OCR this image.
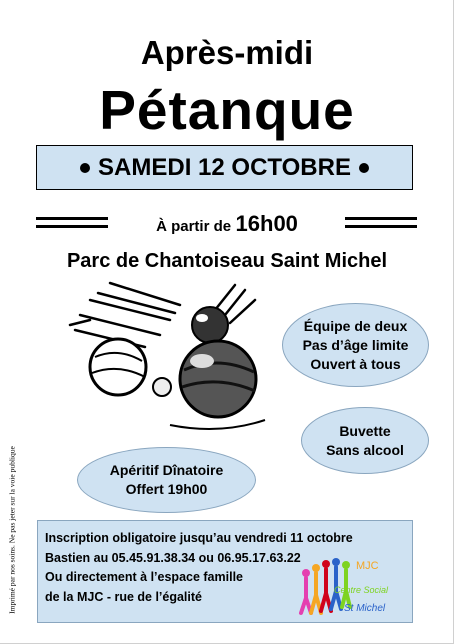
Après-midi
Pétanque
SAMEDI 12 OCTOBRE
À partir de 16h00
Parc de Chantoiseau Saint Michel
Équipe de deux
Pas d’âge limite
Ouvert à tous
Buvette
Sans alcool
Apéritif Dînatoire
Offert 19h00
Inscription obligatoire jusqu’au vendredi 11 octobre
Bastien au 05.45.91.38.34 ou 06.95.17.63.22
Ou directement à l’espace famille
de la MJC - rue de l’égalité
MJC
Centre Social
St Michel
Imprimé par nos soins. Ne pas jeter sur la voie publique
